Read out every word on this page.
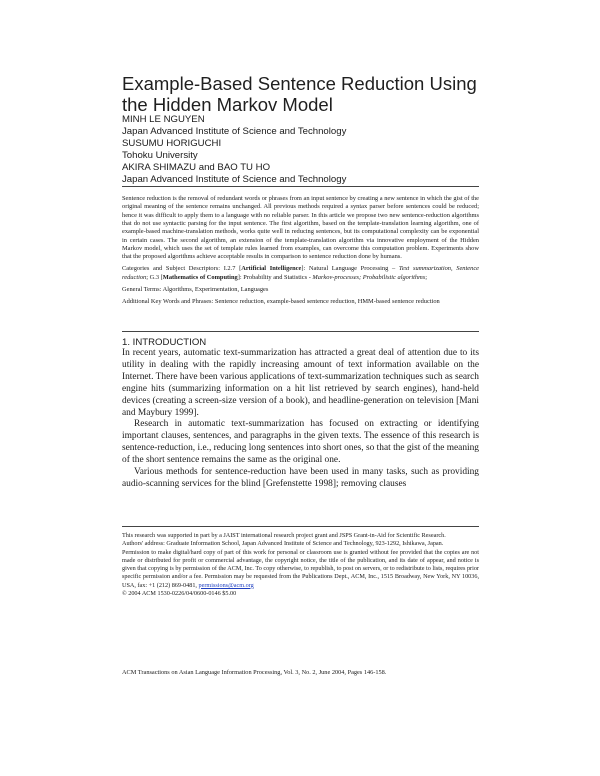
Example-Based Sentence Reduction Using
the Hidden Markov Model
MINH LE NGUYEN
Japan Advanced Institute of Science and Technology
SUSUMU HORIGUCHI
Tohoku University
AKIRA SHIMAZU and BAO TU HO
Japan Advanced Institute of Science and Technology

Sentence reduction is the removal of redundant words or phrases from an input sentence by creating a new sentence in which the gist of the original meaning of the sentence remains unchanged. All previous methods required a syntax parser before sentences could be reduced; hence it was difficult to apply them to a language with no reliable parser. In this article we propose two new sentence-reduction algorithms that do not use syntactic parsing for the input sentence. The first algorithm, based on the template-translation learning algorithm, one of example-based machine-translation methods, works quite well in reducing sentences, but its computational complexity can be exponential in certain cases. The second algorithm, an extension of the template-translation algorithm via innovative employment of the Hidden Markov model, which uses the set of template rules learned from examples, can overcome this computation problem. Experiments show that the proposed algorithms achieve acceptable results in comparison to sentence reduction done by humans.

Categories and Subject Descriptors: I.2.7 [Artificial Intelligence]: Natural Language Processing – Text summarization, Sentence reduction; G.3 [Mathematics of Computing]: Probability and Statistics - Markov-processes; Probabilistic algorithms;

General Terms: Algorithms, Experimentation, Languages

Additional Key Words and Phrases: Sentence reduction, example-based sentence reduction, HMM-based sentence reduction

1. INTRODUCTION

In recent years, automatic text-summarization has attracted a great deal of attention due to its utility in dealing with the rapidly increasing amount of text information available on the Internet. There have been various applications of text-summarization techniques such as search engine hits (summarizing information on a hit list retrieved by search engines), hand-held devices (creating a screen-size version of a book), and headline-generation on television [Mani and Maybury 1999].

Research in automatic text-summarization has focused on extracting or identifying important clauses, sentences, and paragraphs in the given texts. The essence of this research is sentence-reduction, i.e., reducing long sentences into short ones, so that the gist of the meaning of the short sentence remains the same as the original one.

Various methods for sentence-reduction have been used in many tasks, such as providing audio-scanning services for the blind [Grefenstette 1998]; removing clauses

This research was supported in part by a JAIST international research project grant and JSPS Grant-in-Aid for Scientific Research.

Authors' address: Graduate Information School, Japan Advanced Institute of Science and Technology, 923-1292, Ishikawa, Japan.

Permission to make digital/hard copy of part of this work for personal or classroom use is granted without fee provided that the copies are not made or distributed for profit or commercial advantage, the copyright notice, the title of the publication, and its date of appear, and notice is given that copying is by permission of the ACM, Inc. To copy otherwise, to republish, to post on servers, or to redistribute to lists, requires prior specific permission and/or a fee. Permission may be requested from the Publications Dept., ACM, Inc., 1515 Broadway, New York, NY 10036, USA, fax: +1 (212) 869-0481, permissions@acm.org

© 2004 ACM 1530-0226/04/0600-0146 $5.00

ACM Transactions on Asian Language Information Processing, Vol. 3, No. 2, June 2004, Pages 146-158.
